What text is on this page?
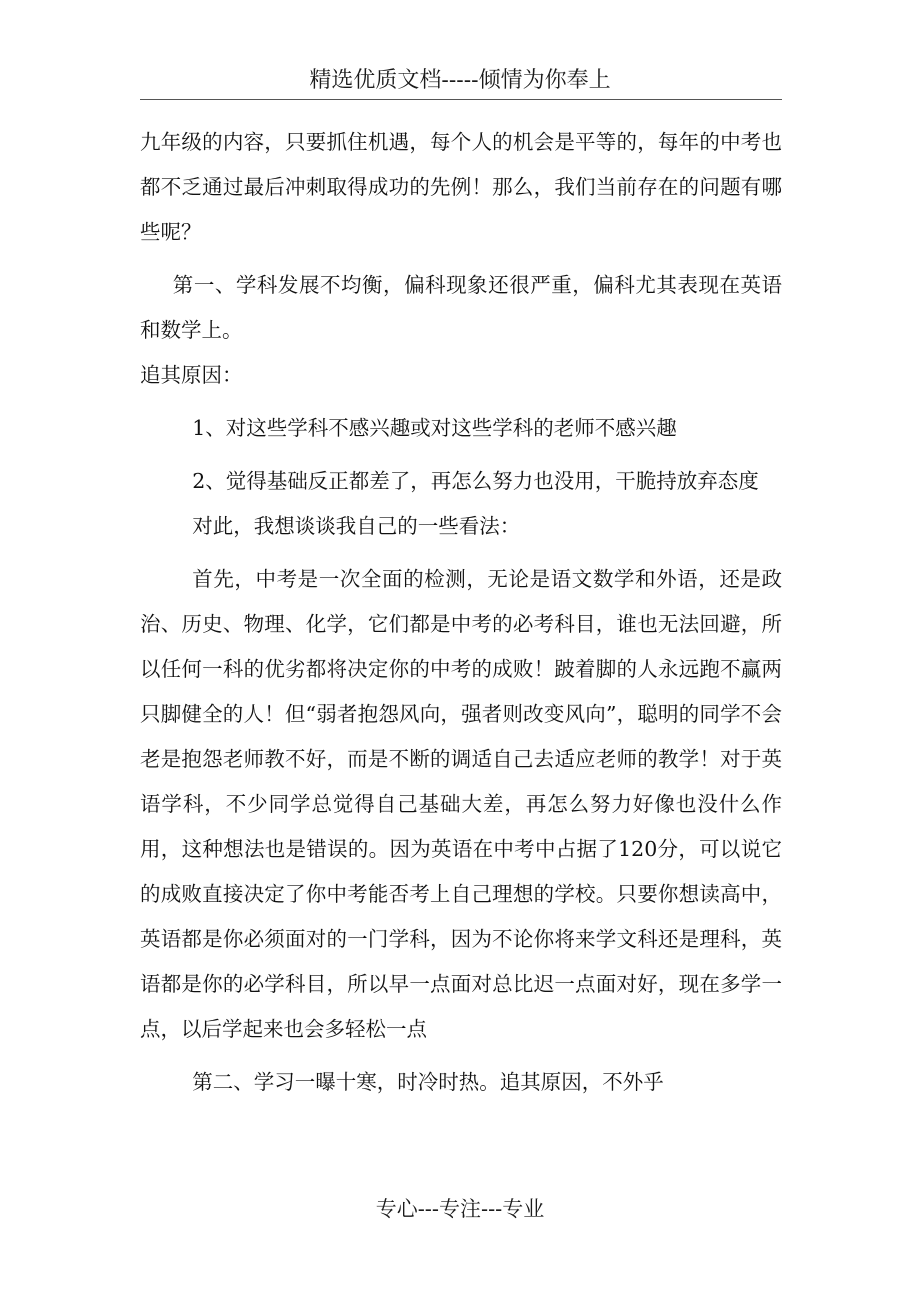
精选优质文档-----倾情为你奉上

九年级的内容，只要抓住机遇，每个人的机会是平等的，每年的中考也都不乏通过最后冲刺取得成功的先例！那么，我们当前存在的问题有哪些呢？

第一、学科发展不均衡，偏科现象还很严重，偏科尤其表现在英语和数学上。

追其原因：

1、对这些学科不感兴趣或对这些学科的老师不感兴趣

2、觉得基础反正都差了，再怎么努力也没用，干脆持放弃态度

对此，我想谈谈我自己的一些看法：

首先，中考是一次全面的检测，无论是语文数学和外语，还是政治、历史、物理、化学，它们都是中考的必考科目，谁也无法回避，所以任何一科的优劣都将决定你的中考的成败！跛着脚的人永远跑不赢两只脚健全的人！但“弱者抱怨风向，强者则改变风向”，聪明的同学不会老是抱怨老师教不好，而是不断的调适自己去适应老师的教学！对于英语学科，不少同学总觉得自己基础大差，再怎么努力好像也没什么作用，这种想法也是错误的。因为英语在中考中占据了120分，可以说它的成败直接决定了你中考能否考上自己理想的学校。只要你想读高中，英语都是你必须面对的一门学科，因为不论你将来学文科还是理科，英语都是你的必学科目，所以早一点面对总比迟一点面对好，现在多学一点，以后学起来也会多轻松一点

第二、学习一曝十寒，时冷时热。追其原因，不外乎

专心---专注---专业
